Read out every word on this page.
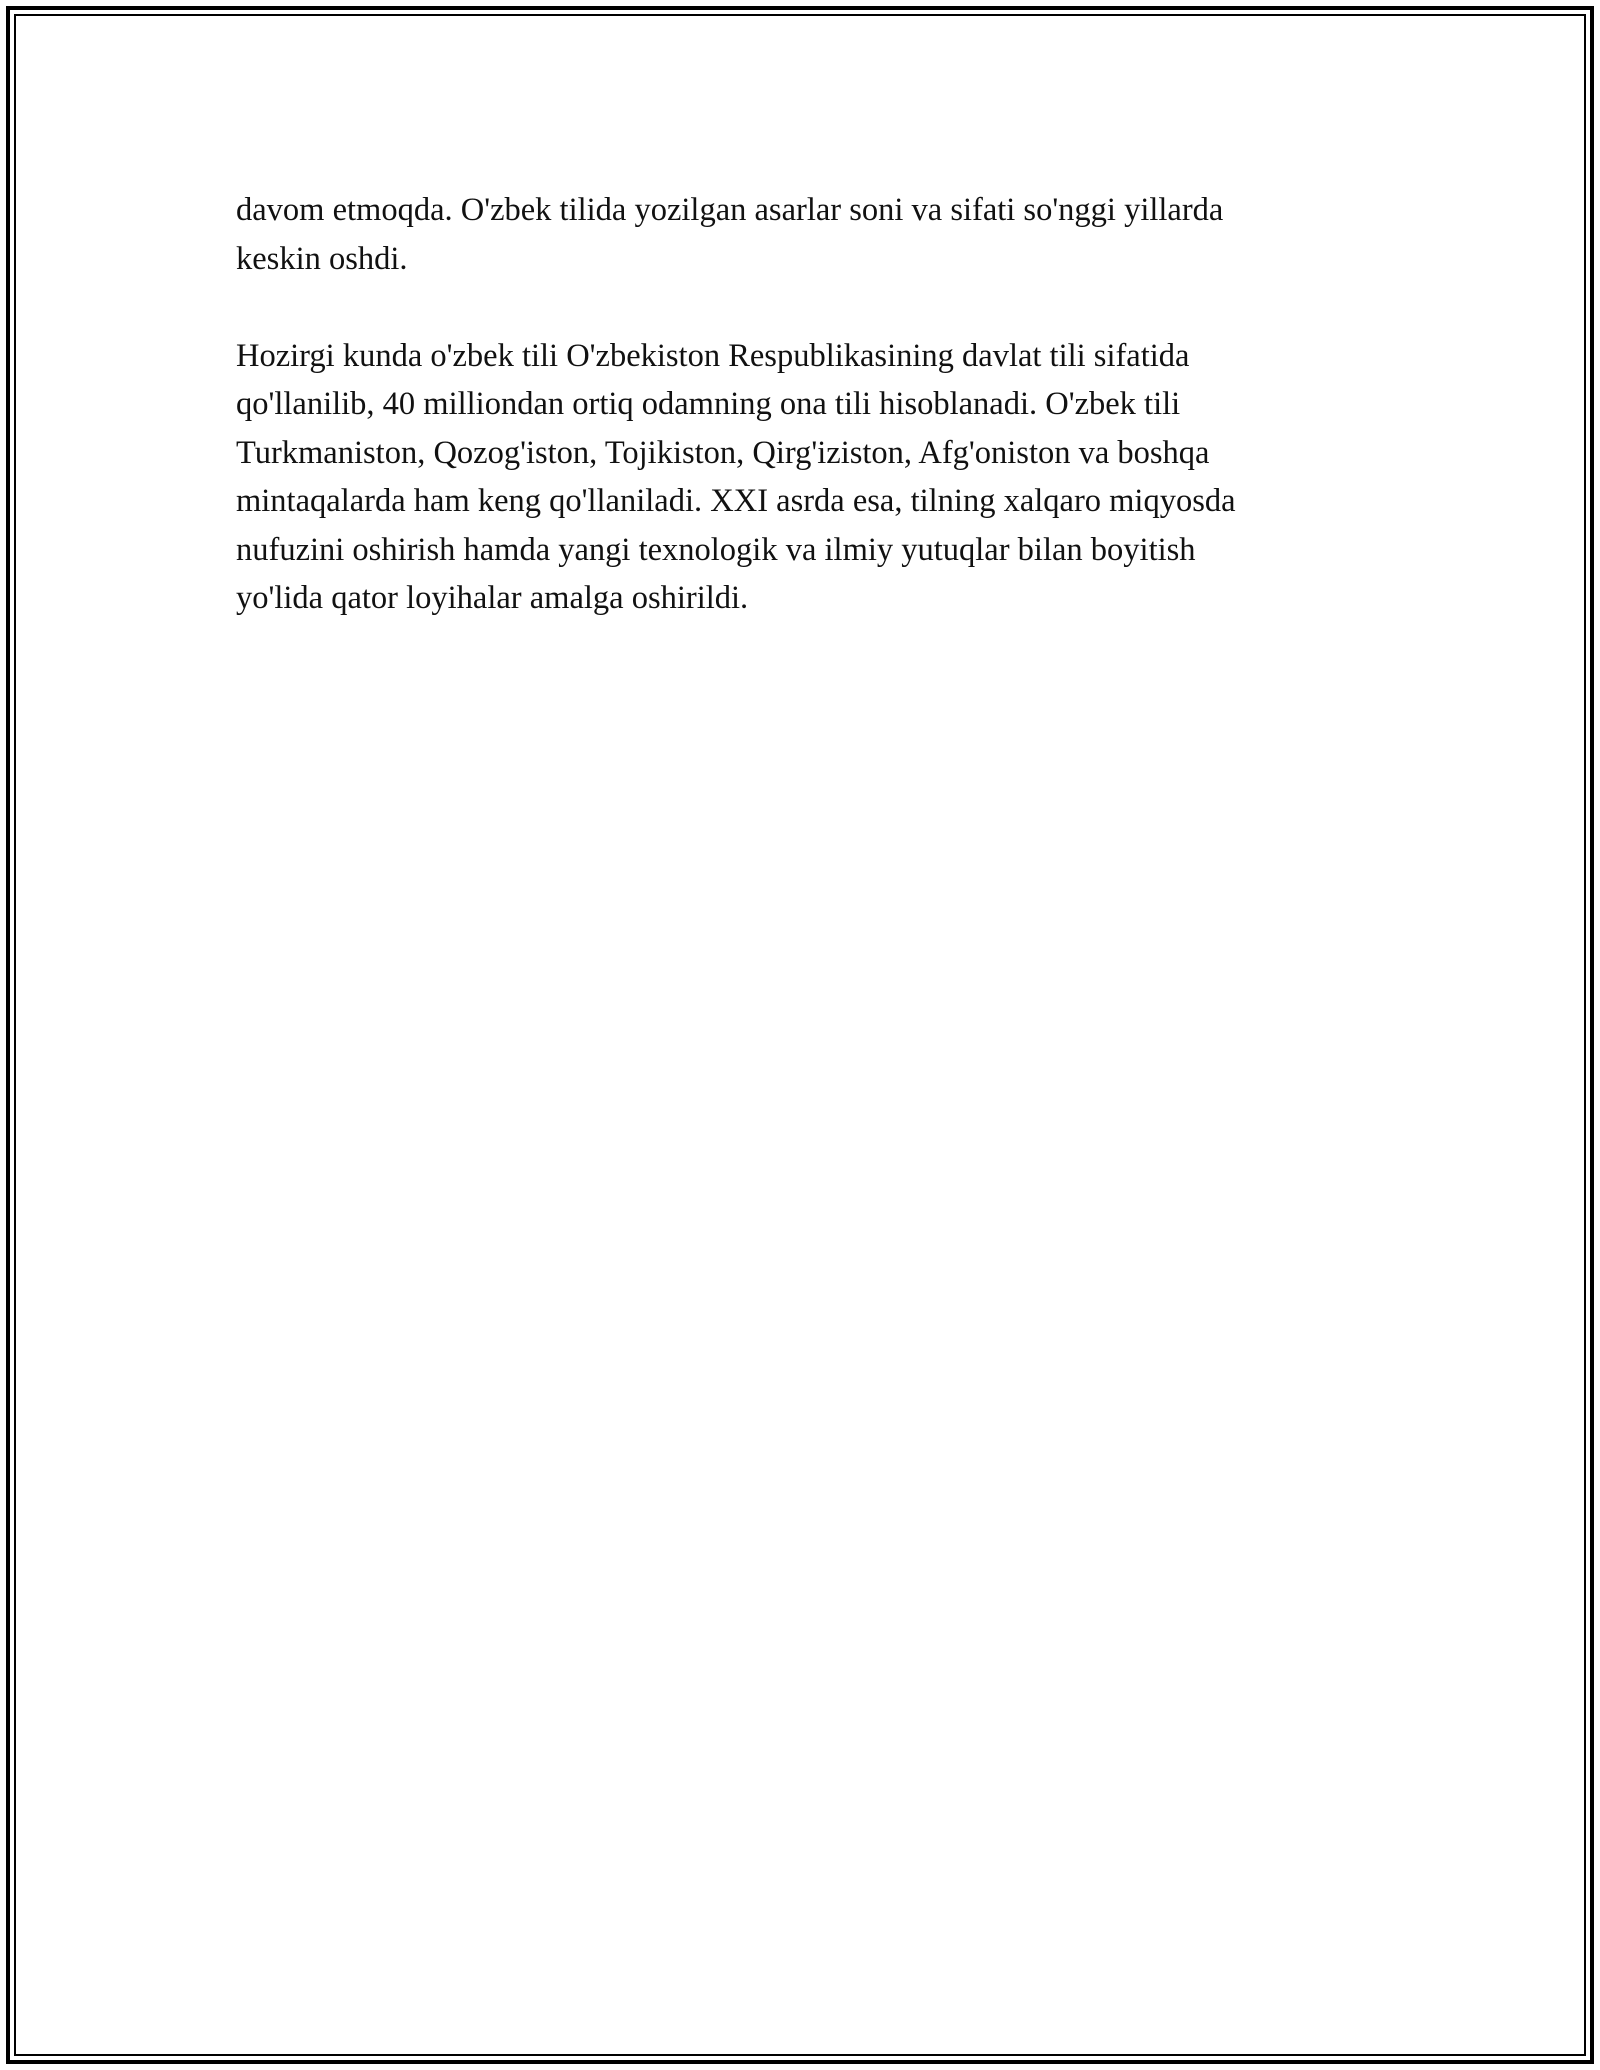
davom etmoqda. O'zbek tilida yozilgan asarlar soni va sifati so'nggi yillarda
keskin oshdi.

Hozirgi kunda o'zbek tili O'zbekiston Respublikasining davlat tili sifatida
qo'llanilib, 40 milliondan ortiq odamning ona tili hisoblanadi. O'zbek tili
Turkmaniston, Qozog'iston, Tojikiston, Qirg'iziston, Afg'oniston va boshqa
mintaqalarda ham keng qo'llaniladi. XXI asrda esa, tilning xalqaro miqyosda
nufuzini oshirish hamda yangi texnologik va ilmiy yutuqlar bilan boyitish
yo'lida qator loyihalar amalga oshirildi.
